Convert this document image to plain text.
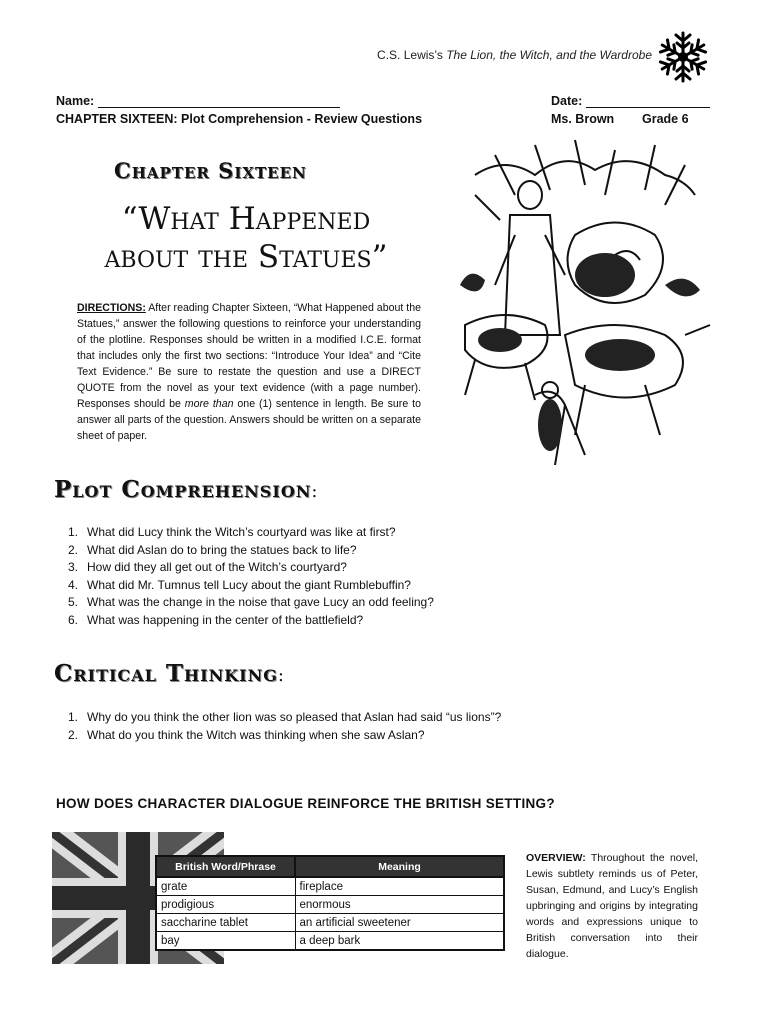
C.S. Lewis’s The Lion, the Witch, and the Wardrobe
Name:	Date:
CHAPTER SIXTEEN: Plot Comprehension - Review Questions	Ms. Brown Grade 6
Chapter Sixteen
“What Happened
about the Statues”
DIRECTIONS: After reading Chapter Sixteen, “What Happened about the Statues,” answer the following questions to reinforce your understanding of the plotline. Responses should be written in a modified I.C.E. format that includes only the first two sections: “Introduce Your Idea” and “Cite Text Evidence.” Be sure to restate the question and use a DIRECT QUOTE from the novel as your text evidence (with a page number). Responses should be more than one (1) sentence in length. Be sure to answer all parts of the question. Answers should be written on a separate sheet of paper.
Plot Comprehension:
1. What did Lucy think the Witch’s courtyard was like at first?
2. What did Aslan do to bring the statues back to life?
3. How did they all get out of the Witch’s courtyard?
4. What did Mr. Tumnus tell Lucy about the giant Rumblebuffin?
5. What was the change in the noise that gave Lucy an odd feeling?
6. What was happening in the center of the battlefield?
Critical Thinking:
1. Why do you think the other lion was so pleased that Aslan had said “us lions”?
2. What do you think the Witch was thinking when she saw Aslan?
HOW DOES CHARACTER DIALOGUE REINFORCE THE BRITISH SETTING?
British Word/Phrase	Meaning
grate	fireplace
prodigious	enormous
saccharine tablet	an artificial sweetener
bay	a deep bark
OVERVIEW: Throughout the novel, Lewis subtlety reminds us of Peter, Susan, Edmund, and Lucy’s English upbringing and origins by integrating words and expressions unique to British conversation into their dialogue.
